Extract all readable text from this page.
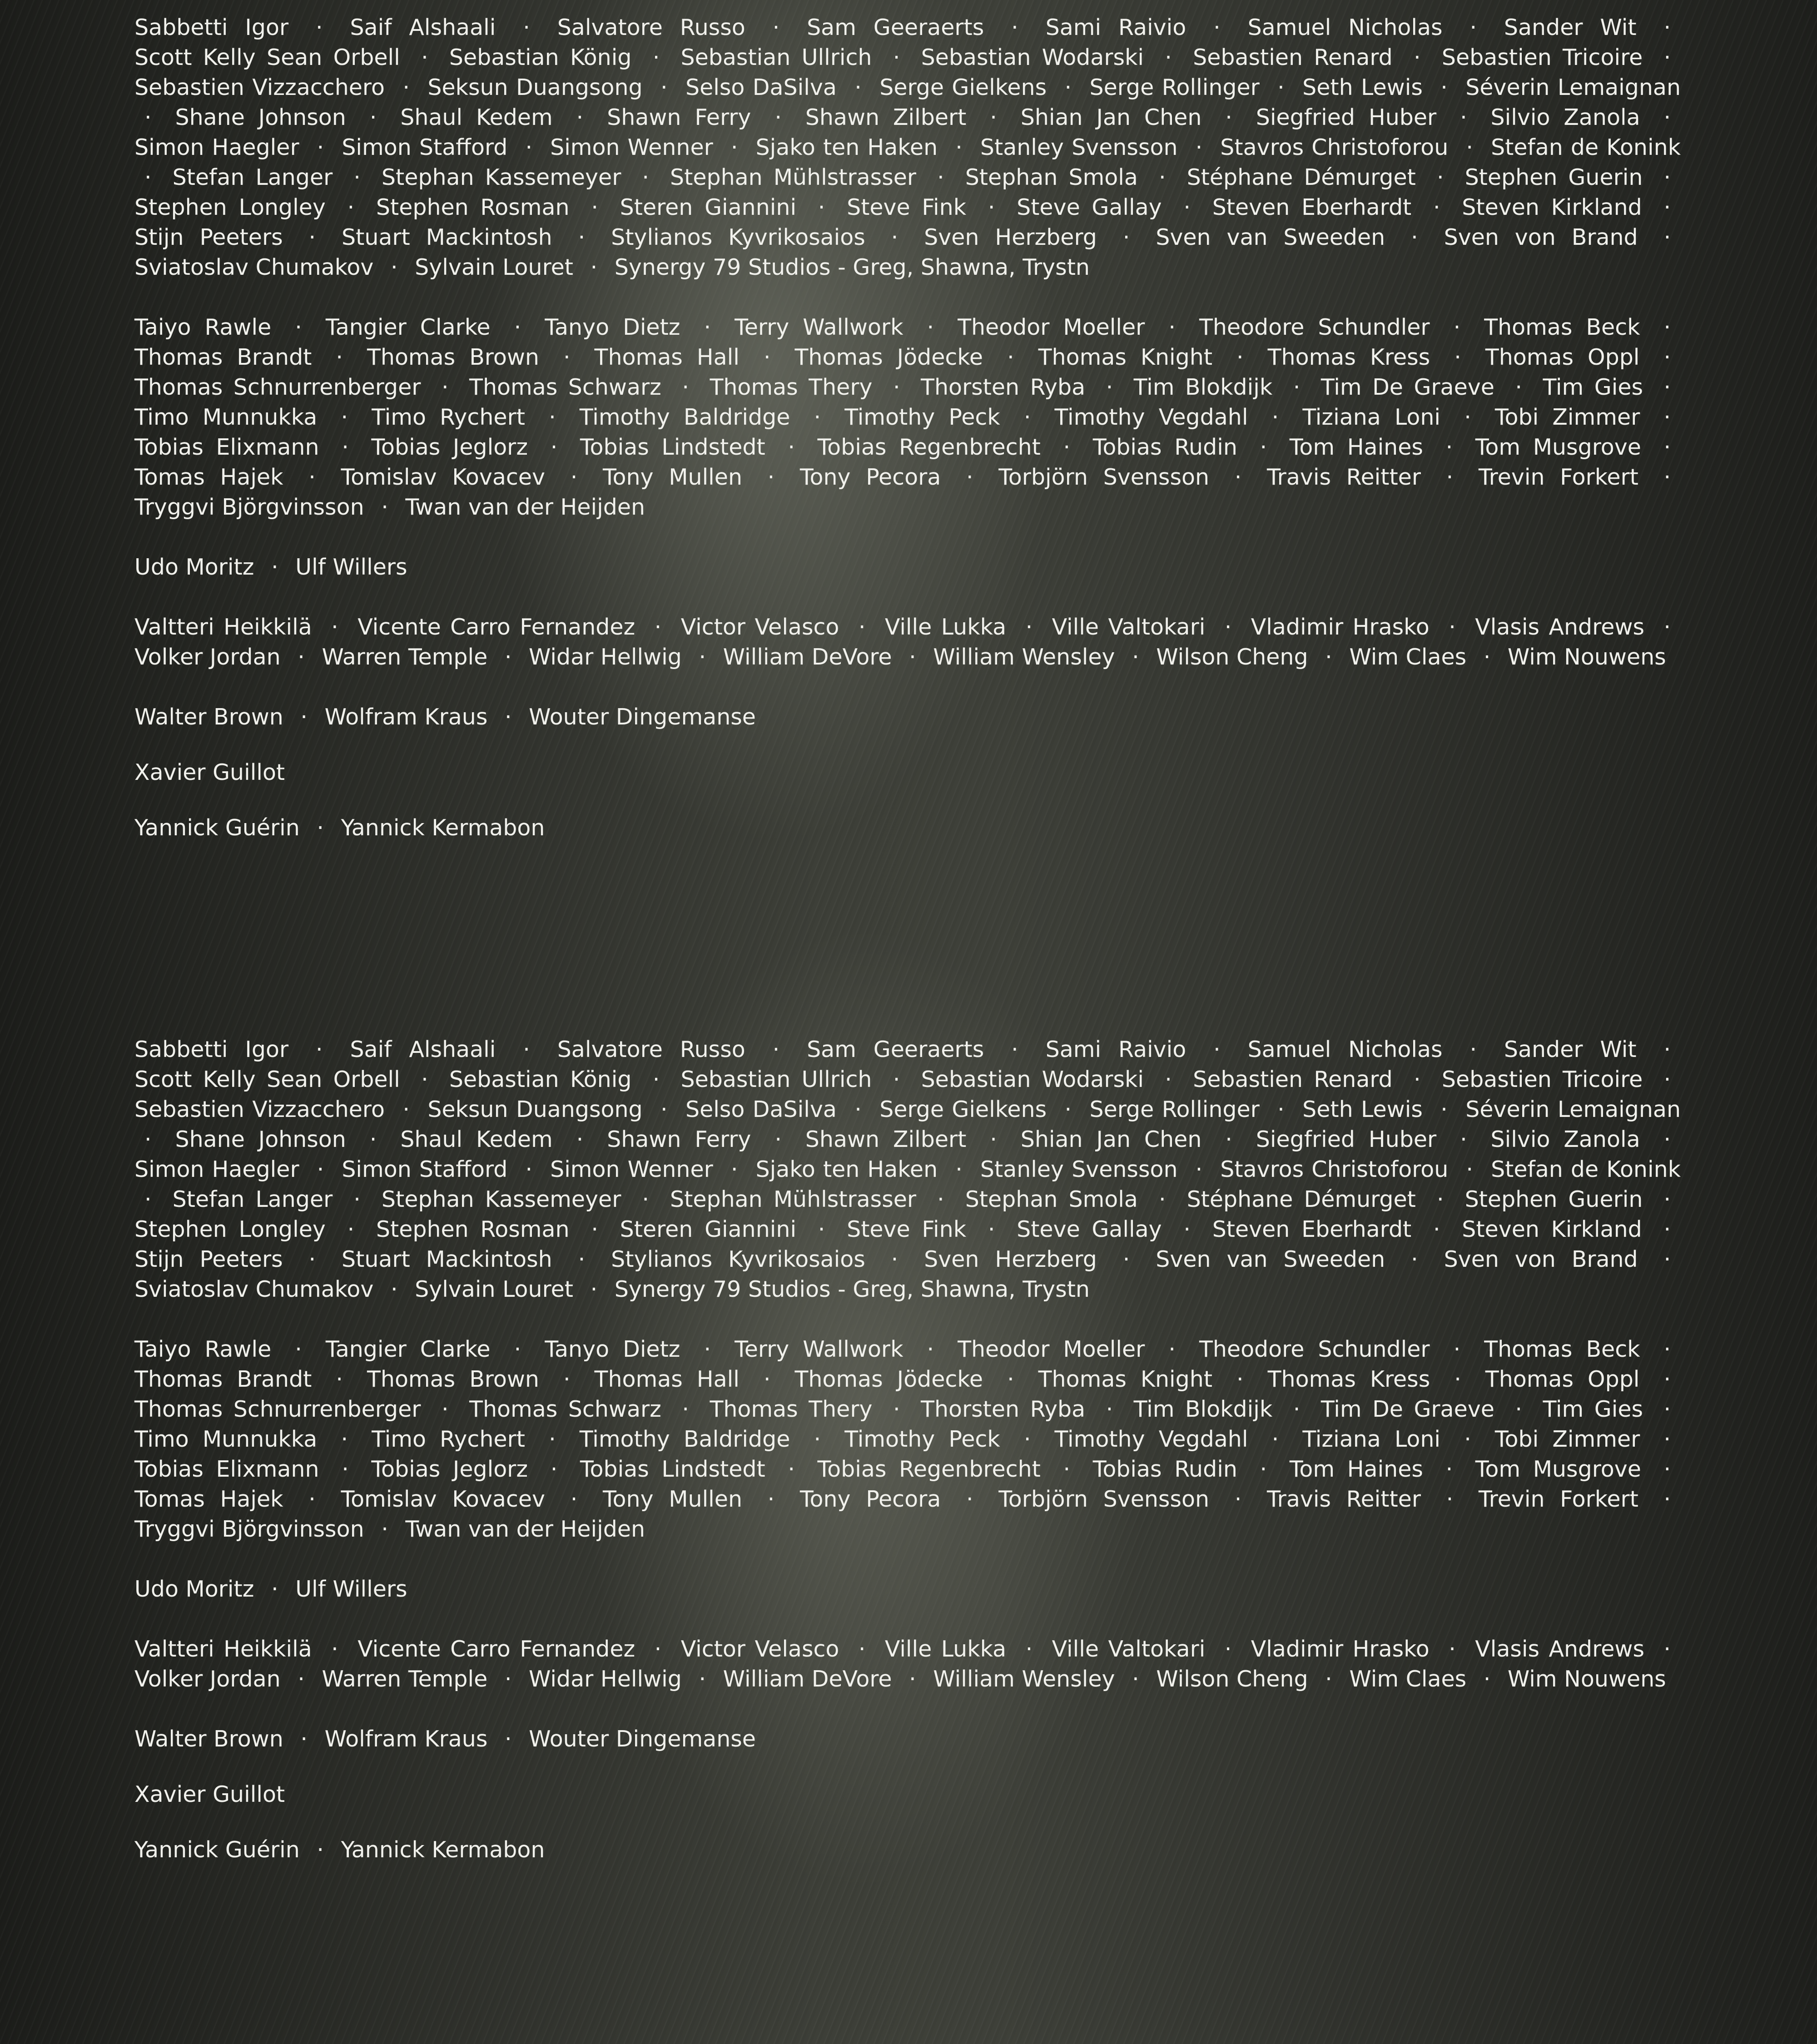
Sabbetti Igor · Saif Alshaali · Salvatore Russo · Sam Geeraerts · Sami Raivio · Samuel Nicholas · Sander Wit · Scott Kelly Sean Orbell · Sebastian König · Sebastian Ullrich · Sebastian Wodarski · Sebastien Renard · Sebastien Tricoire · Sebastien Vizzacchero · Seksun Duangsong · Selso DaSilva · Serge Gielkens · Serge Rollinger · Seth Lewis · Séverin Lemaignan · Shane Johnson · Shaul Kedem · Shawn Ferry · Shawn Zilbert · Shian Jan Chen · Siegfried Huber · Silvio Zanola · Simon Haegler · Simon Stafford · Simon Wenner · Sjako ten Haken · Stanley Svensson · Stavros Christoforou · Stefan de Konink · Stefan Langer · Stephan Kassemeyer · Stephan Mühlstrasser · Stephan Smola · Stéphane Démurget · Stephen Guerin · Stephen Longley · Stephen Rosman · Steren Giannini · Steve Fink · Steve Gallay · Steven Eberhardt · Steven Kirkland · Stijn Peeters · Stuart Mackintosh · Stylianos Kyvrikosaios · Sven Herzberg · Sven van Sweeden · Sven von Brand · Sviatoslav Chumakov · Sylvain Louret · Synergy 79 Studios - Greg, Shawna, Trystn

Taiyo Rawle · Tangier Clarke · Tanyo Dietz · Terry Wallwork · Theodor Moeller · Theodore Schundler · Thomas Beck · Thomas Brandt · Thomas Brown · Thomas Hall · Thomas Jödecke · Thomas Knight · Thomas Kress · Thomas Oppl · Thomas Schnurrenberger · Thomas Schwarz · Thomas Thery · Thorsten Ryba · Tim Blokdijk · Tim De Graeve · Tim Gies · Timo Munnukka · Timo Rychert · Timothy Baldridge · Timothy Peck · Timothy Vegdahl · Tiziana Loni · Tobi Zimmer · Tobias Elixmann · Tobias Jeglorz · Tobias Lindstedt · Tobias Regenbrecht · Tobias Rudin · Tom Haines · Tom Musgrove · Tomas Hajek · Tomislav Kovacev · Tony Mullen · Tony Pecora · Torbjörn Svensson · Travis Reitter · Trevin Forkert · Tryggvi Björgvinsson · Twan van der Heijden

Udo Moritz · Ulf Willers

Valtteri Heikkilä · Vicente Carro Fernandez · Victor Velasco · Ville Lukka · Ville Valtokari · Vladimir Hrasko · Vlasis Andrews · Volker Jordan · Warren Temple · Widar Hellwig · William DeVore · William Wensley · Wilson Cheng · Wim Claes · Wim Nouwens

Walter Brown · Wolfram Kraus · Wouter Dingemanse

Xavier Guillot

Yannick Guérin · Yannick Kermabon

Sabbetti Igor · Saif Alshaali · Salvatore Russo · Sam Geeraerts · Sami Raivio · Samuel Nicholas · Sander Wit · Scott Kelly Sean Orbell · Sebastian König · Sebastian Ullrich · Sebastian Wodarski · Sebastien Renard · Sebastien Tricoire · Sebastien Vizzacchero · Seksun Duangsong · Selso DaSilva · Serge Gielkens · Serge Rollinger · Seth Lewis · Séverin Lemaignan · Shane Johnson · Shaul Kedem · Shawn Ferry · Shawn Zilbert · Shian Jan Chen · Siegfried Huber · Silvio Zanola · Simon Haegler · Simon Stafford · Simon Wenner · Sjako ten Haken · Stanley Svensson · Stavros Christoforou · Stefan de Konink · Stefan Langer · Stephan Kassemeyer · Stephan Mühlstrasser · Stephan Smola · Stéphane Démurget · Stephen Guerin · Stephen Longley · Stephen Rosman · Steren Giannini · Steve Fink · Steve Gallay · Steven Eberhardt · Steven Kirkland · Stijn Peeters · Stuart Mackintosh · Stylianos Kyvrikosaios · Sven Herzberg · Sven van Sweeden · Sven von Brand · Sviatoslav Chumakov · Sylvain Louret · Synergy 79 Studios - Greg, Shawna, Trystn

Taiyo Rawle · Tangier Clarke · Tanyo Dietz · Terry Wallwork · Theodor Moeller · Theodore Schundler · Thomas Beck · Thomas Brandt · Thomas Brown · Thomas Hall · Thomas Jödecke · Thomas Knight · Thomas Kress · Thomas Oppl · Thomas Schnurrenberger · Thomas Schwarz · Thomas Thery · Thorsten Ryba · Tim Blokdijk · Tim De Graeve · Tim Gies · Timo Munnukka · Timo Rychert · Timothy Baldridge · Timothy Peck · Timothy Vegdahl · Tiziana Loni · Tobi Zimmer · Tobias Elixmann · Tobias Jeglorz · Tobias Lindstedt · Tobias Regenbrecht · Tobias Rudin · Tom Haines · Tom Musgrove · Tomas Hajek · Tomislav Kovacev · Tony Mullen · Tony Pecora · Torbjörn Svensson · Travis Reitter · Trevin Forkert · Tryggvi Björgvinsson · Twan van der Heijden

Udo Moritz · Ulf Willers

Valtteri Heikkilä · Vicente Carro Fernandez · Victor Velasco · Ville Lukka · Ville Valtokari · Vladimir Hrasko · Vlasis Andrews · Volker Jordan · Warren Temple · Widar Hellwig · William DeVore · William Wensley · Wilson Cheng · Wim Claes · Wim Nouwens

Walter Brown · Wolfram Kraus · Wouter Dingemanse

Xavier Guillot

Yannick Guérin · Yannick Kermabon
